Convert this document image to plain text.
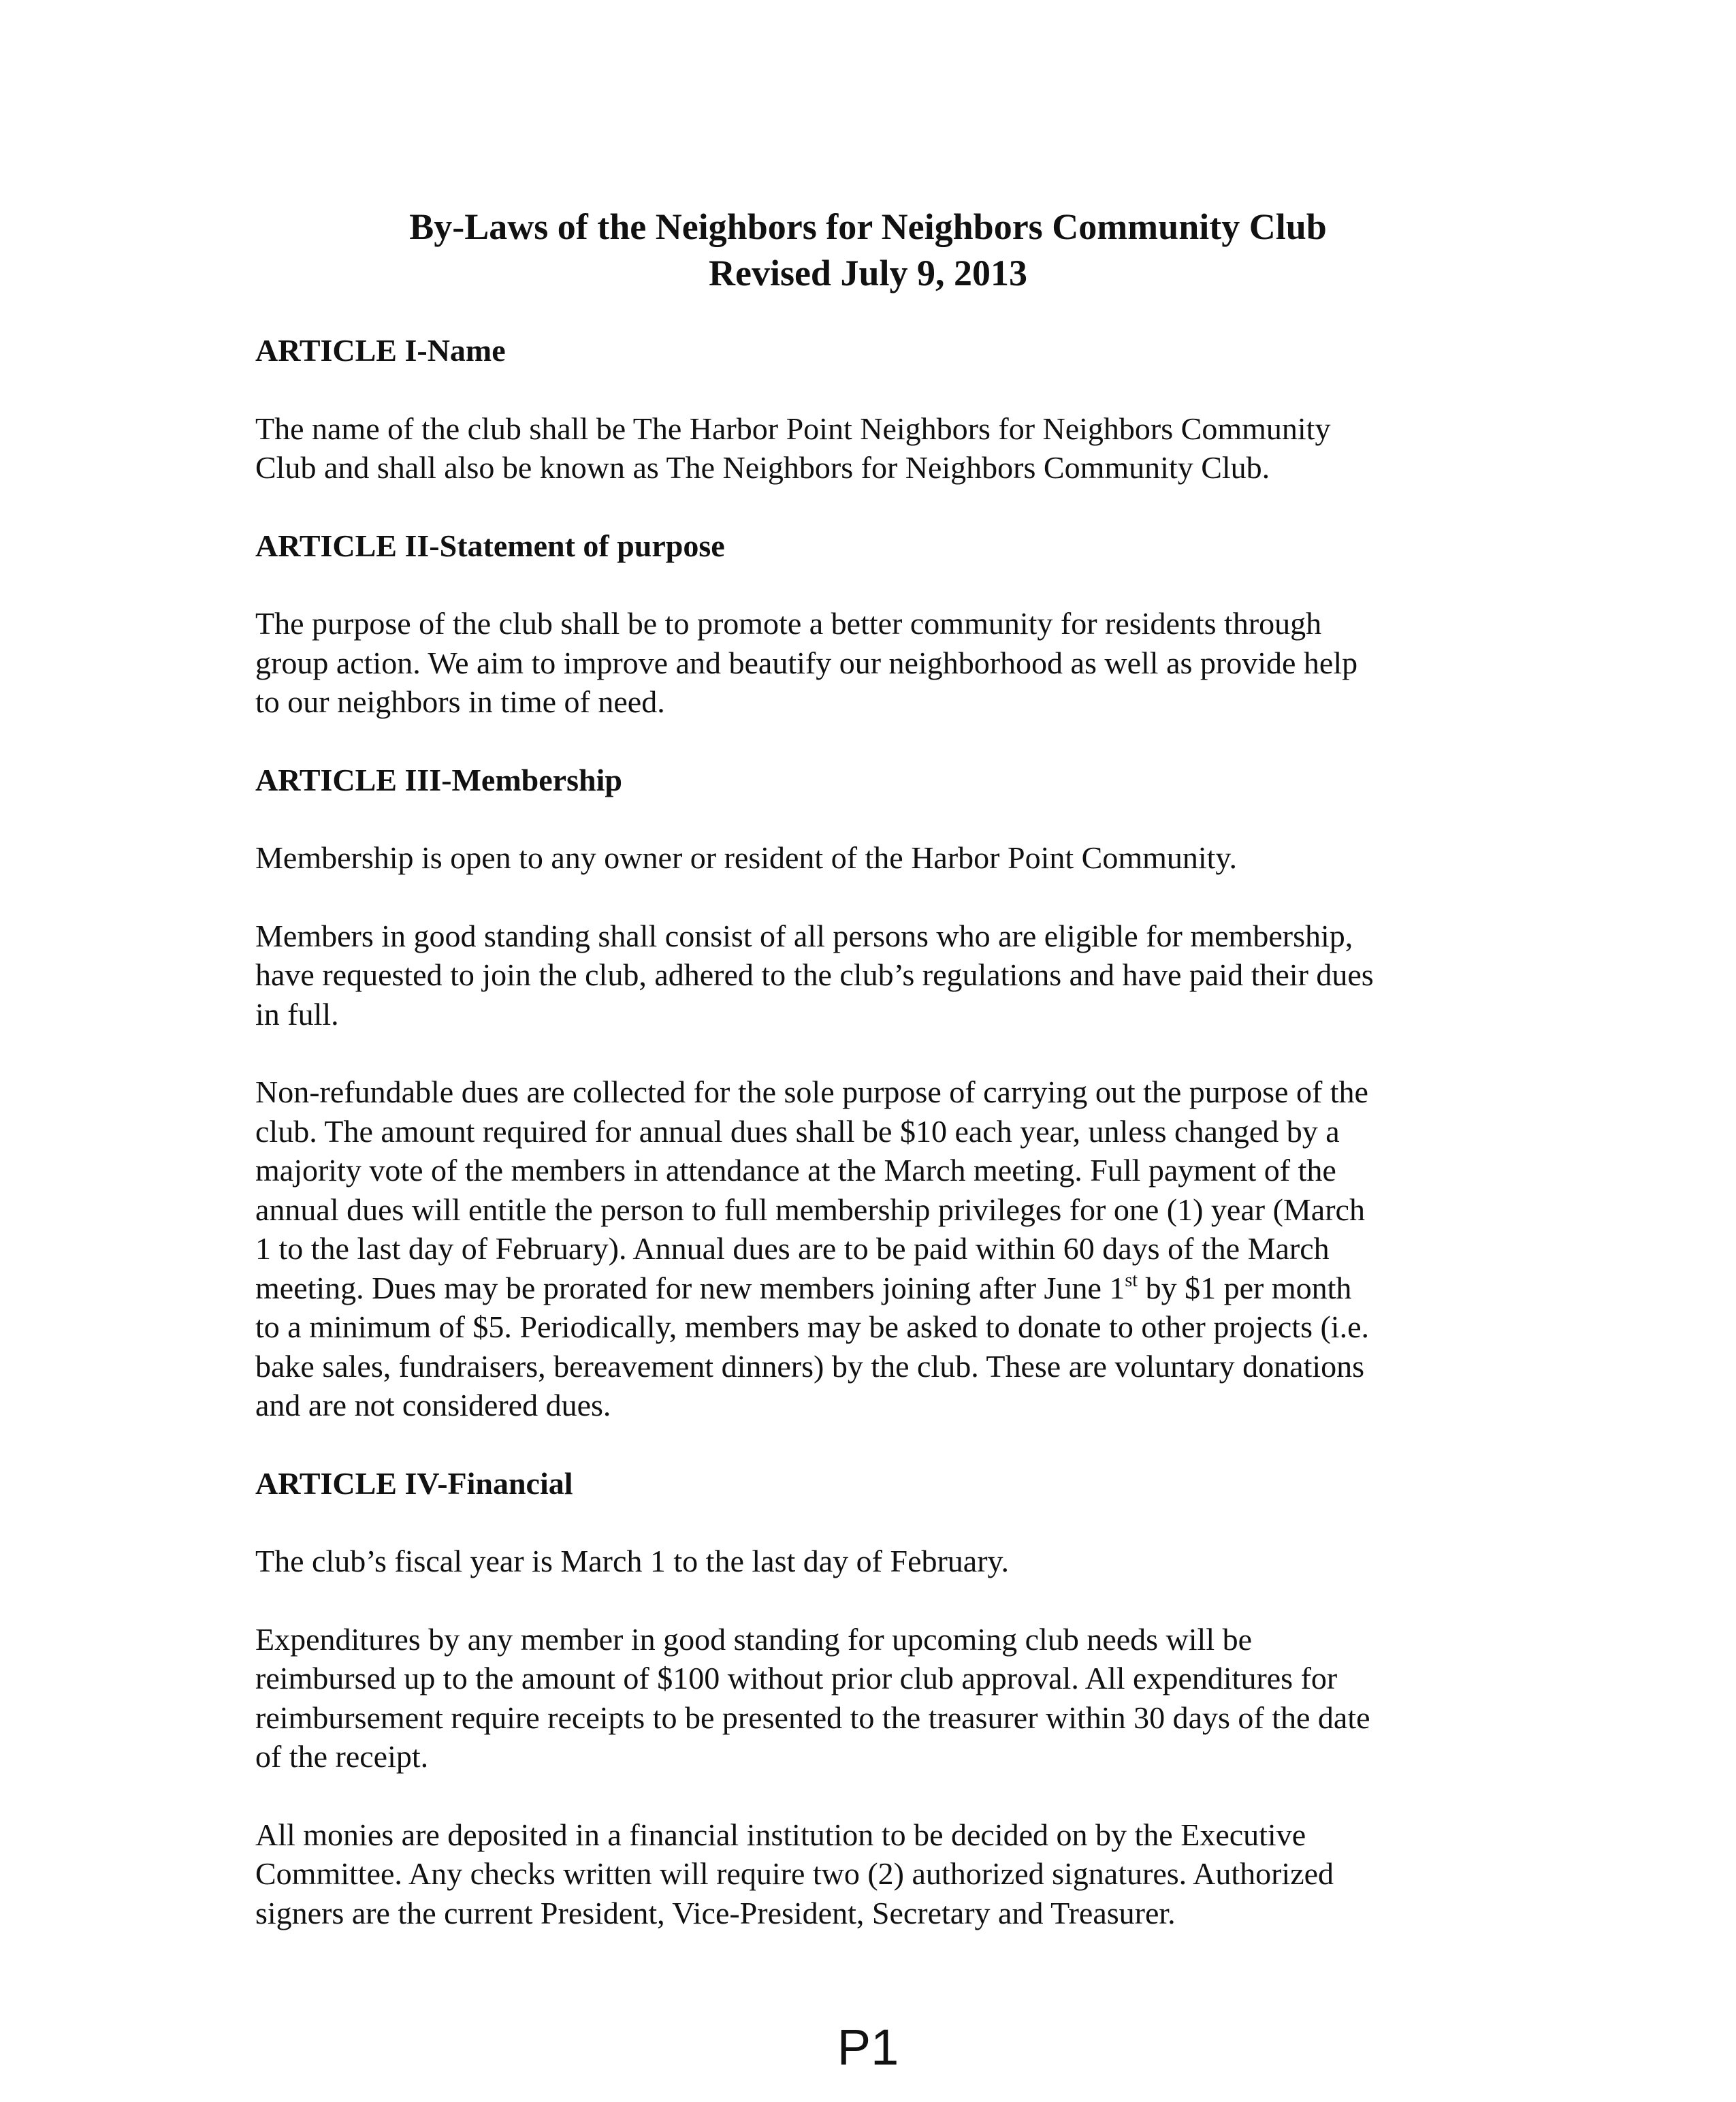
By-Laws of the Neighbors for Neighbors Community Club
Revised July 9, 2013
ARTICLE I-Name
The name of the club shall be The Harbor Point Neighbors for Neighbors Community
Club and shall also be known as The Neighbors for Neighbors Community Club.
ARTICLE II-Statement of purpose
The purpose of the club shall be to promote a better community for residents through
group action. We aim to improve and beautify our neighborhood as well as provide help
to our neighbors in time of need.
ARTICLE III-Membership
Membership is open to any owner or resident of the Harbor Point Community.
Members in good standing shall consist of all persons who are eligible for membership,
have requested to join the club, adhered to the club’s regulations and have paid their dues
in full.
Non-refundable dues are collected for the sole purpose of carrying out the purpose of the
club. The amount required for annual dues shall be $10 each year, unless changed by a
majority vote of the members in attendance at the March meeting. Full payment of the
annual dues will entitle the person to full membership privileges for one (1) year (March
1 to the last day of February). Annual dues are to be paid within 60 days of the March
meeting. Dues may be prorated for new members joining after June 1st by $1 per month
to a minimum of $5. Periodically, members may be asked to donate to other projects (i.e.
bake sales, fundraisers, bereavement dinners) by the club. These are voluntary donations
and are not considered dues.
ARTICLE IV-Financial
The club’s fiscal year is March 1 to the last day of February.
Expenditures by any member in good standing for upcoming club needs will be
reimbursed up to the amount of $100 without prior club approval. All expenditures for
reimbursement require receipts to be presented to the treasurer within 30 days of the date
of the receipt.
All monies are deposited in a financial institution to be decided on by the Executive
Committee. Any checks written will require two (2) authorized signatures. Authorized
signers are the current President, Vice-President, Secretary and Treasurer.
P1
